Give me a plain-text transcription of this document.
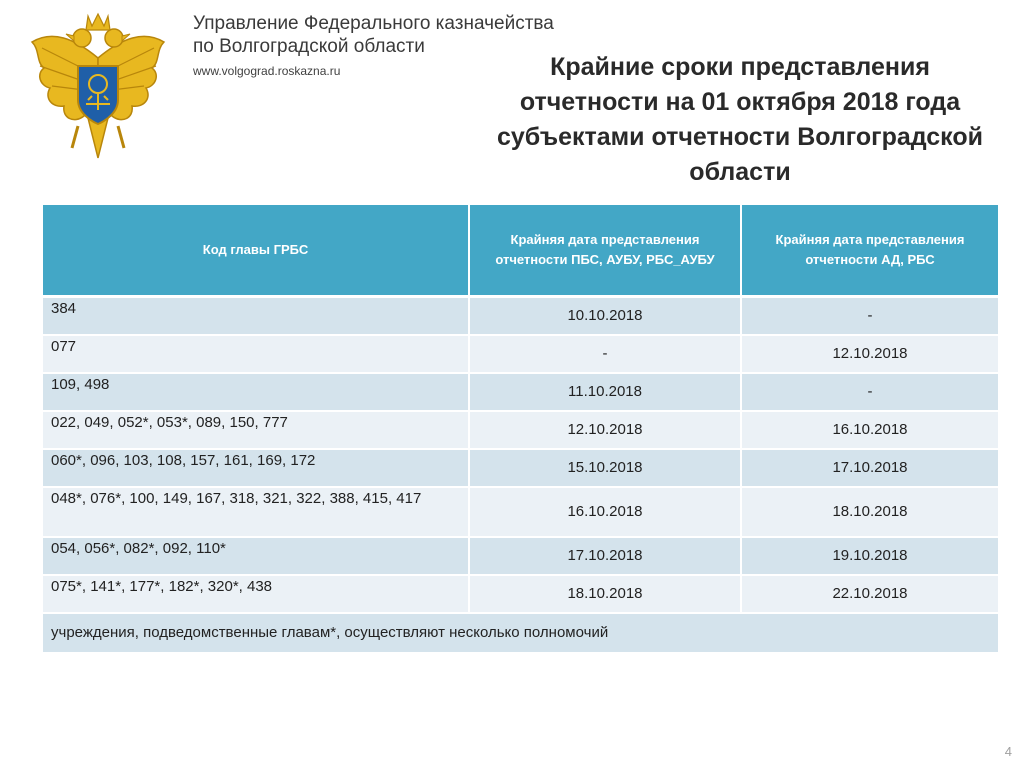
Управление Федерального казначейства
по Волгоградской области
www.volgograd.roskazna.ru	Крайние сроки представления
отчетности на 01 октября 2018 года
субъектами отчетности Волгоградской
области
Код главы ГРБС	Крайняя дата представления отчетности ПБС, АУБУ, РБС_АУБУ	Крайняя дата представления отчетности АД, РБС
384	10.10.2018	-
077	-	12.10.2018
109, 498	11.10.2018	-
022, 049, 052*, 053*, 089, 150, 777	12.10.2018	16.10.2018
060*, 096, 103, 108, 157, 161, 169, 172	15.10.2018	17.10.2018
048*, 076*, 100, 149, 167, 318, 321, 322, 388, 415, 417	16.10.2018	18.10.2018
054, 056*, 082*, 092, 110*	17.10.2018	19.10.2018
075*, 141*, 177*, 182*, 320*, 438	18.10.2018	22.10.2018
учреждения, подведомственные главам*, осуществляют несколько полномочий		
4
